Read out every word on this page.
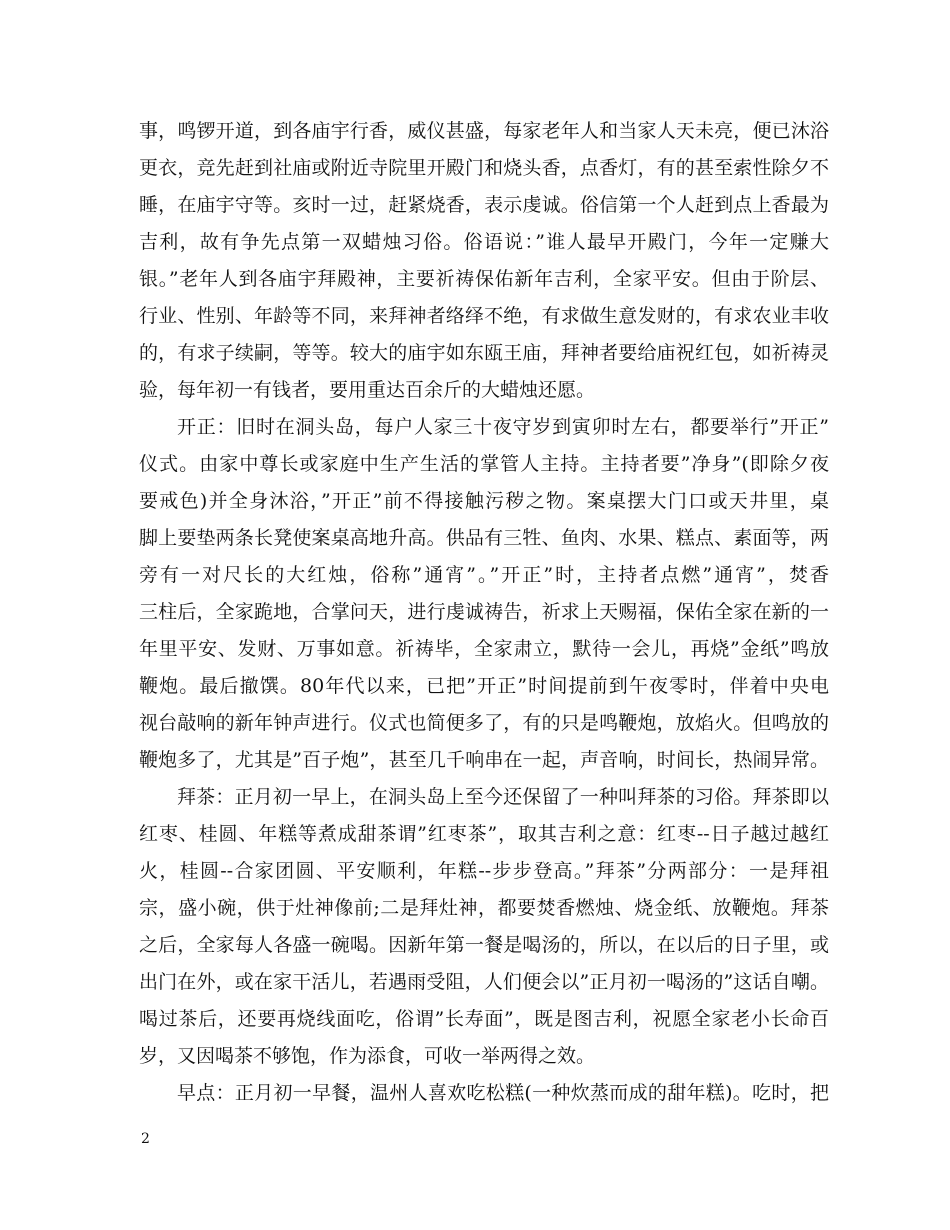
事，鸣锣开道，到各庙宇行香，威仪甚盛，每家老年人和当家人天未亮，便已沐浴
更衣，竞先赶到社庙或附近寺院里开殿门和烧头香，点香灯，有的甚至索性除夕不
睡，在庙宇守等。亥时一过，赶紧烧香，表示虔诚。俗信第一个人赶到点上香最为
吉利，故有争先点第一双蜡烛习俗。俗语说：”谁人最早开殿门，今年一定赚大
银。”老年人到各庙宇拜殿神，主要祈祷保佑新年吉利，全家平安。但由于阶层、
行业、性别、年龄等不同，来拜神者络绎不绝，有求做生意发财的，有求农业丰收
的，有求子续嗣，等等。较大的庙宇如东瓯王庙，拜神者要给庙祝红包，如祈祷灵
验，每年初一有钱者，要用重达百余斤的大蜡烛还愿。
开正：旧时在洞头岛，每户人家三十夜守岁到寅卯时左右，都要举行”开正”
仪式。由家中尊长或家庭中生产生活的掌管人主持。主持者要”净身”(即除夕夜
要戒色)并全身沐浴，”开正”前不得接触污秽之物。案桌摆大门口或天井里，桌
脚上要垫两条长凳使案桌高地升高。供品有三牲、鱼肉、水果、糕点、素面等，两
旁有一对尺长的大红烛，俗称”通宵”。”开正”时，主持者点燃”通宵”，焚香
三柱后，全家跪地，合掌问天，进行虔诚祷告，祈求上天赐福，保佑全家在新的一
年里平安、发财、万事如意。祈祷毕，全家肃立，默待一会儿，再烧”金纸”鸣放
鞭炮。最后撤馔。80年代以来，已把”开正”时间提前到午夜零时，伴着中央电
视台敲响的新年钟声进行。仪式也简便多了，有的只是鸣鞭炮，放焰火。但鸣放的
鞭炮多了，尤其是”百子炮”，甚至几千响串在一起，声音响，时间长，热闹异常。
拜茶：正月初一早上，在洞头岛上至今还保留了一种叫拜茶的习俗。拜茶即以
红枣、桂圆、年糕等煮成甜茶谓”红枣茶”，取其吉利之意：红枣--日子越过越红
火，桂圆--合家团圆、平安顺利，年糕--步步登高。”拜茶”分两部分：一是拜祖
宗，盛小碗，供于灶神像前;二是拜灶神，都要焚香燃烛、烧金纸、放鞭炮。拜茶
之后，全家每人各盛一碗喝。因新年第一餐是喝汤的，所以，在以后的日子里，或
出门在外，或在家干活儿，若遇雨受阻，人们便会以”正月初一喝汤的”这话自嘲。
喝过茶后，还要再烧线面吃，俗谓”长寿面”，既是图吉利，祝愿全家老小长命百
岁，又因喝茶不够饱，作为添食，可收一举两得之效。
早点：正月初一早餐，温州人喜欢吃松糕(一种炊蒸而成的甜年糕)。吃时，把
2
